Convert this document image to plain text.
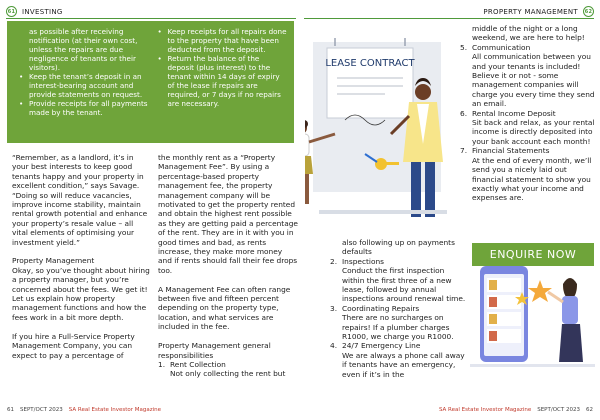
61 INVESTING	PROPERTY MANAGEMENT 62

as possible after receiving notification (at their own cost, unless the repairs are due negligence of tenants or their visitors).

• Keep the tenant’s deposit in an interest-bearing account and provide statements on request.
• Provide receipts for all payments made by the tenant.
• Keep receipts for all repairs done to the property that have been deducted from the deposit.
• Return the balance of the deposit (plus interest) to the tenant within 14 days of expiry of the lease if repairs are required, or 7 days if no repairs are necessary.

“Remember, as a landlord, it’s in your best interests to keep good tenants happy and your property in excellent condition,” says Savage. “Doing so will reduce vacancies, improve income stability, maintain rental growth potential and enhance your property’s resale value – all vital elements of optimising your investment yield.”

Property Management

Okay, so you’ve thought about hiring a property manager, but you’re concerned about the fees. We get it! Let us explain how property management functions and how the fees work in a bit more depth.

If you hire a Full-Service Property Management Company, you can expect to pay a percentage of

the monthly rent as a “Property Management Fee”. By using a percentage-based property management fee, the property management company will be motivated to get the property rented and obtain the highest rent possible as they are getting paid a percentage of the rent. They are in it with you in good times and bad, as rents increase, they make more money and if rents should fall their fee drops too.

A Management Fee can often range between five and fifteen percent depending on the property type, location, and what services are included in the fee.

Property Management general responsibilities
1. Rent Collection
Not only collecting the rent but
LEASE CONTRACT
also following up on payments defaults
2. Inspections
Conduct the first inspection within the first three of a new lease, followed by annual inspections around renewal time.
3. Coordinating Repairs
There are no surcharges on repairs! If a plumber charges R1000, we charge you R1000.
4. 24/7 Emergency Line
We are always a phone call away if tenants have an emergency, even if it’s in the
middle of the night or a long weekend, we are here to help!
5. Communication
All communication between you and your tenants is included! Believe it or not - some management companies will charge you every time they send an email.
6. Rental Income Deposit
Sit back and relax, as your rental income is directly deposited into your bank account each month!
7. Financial Statements
At the end of every month, we’ll send you a nicely laid out financial statement to show you exactly what your income and expenses are.
ENQUIRE NOW
61 SEPT/OCT 2023 SA Real Estate Investor Magazine	SA Real Estate Investor Magazine SEPT/OCT 2023 62
